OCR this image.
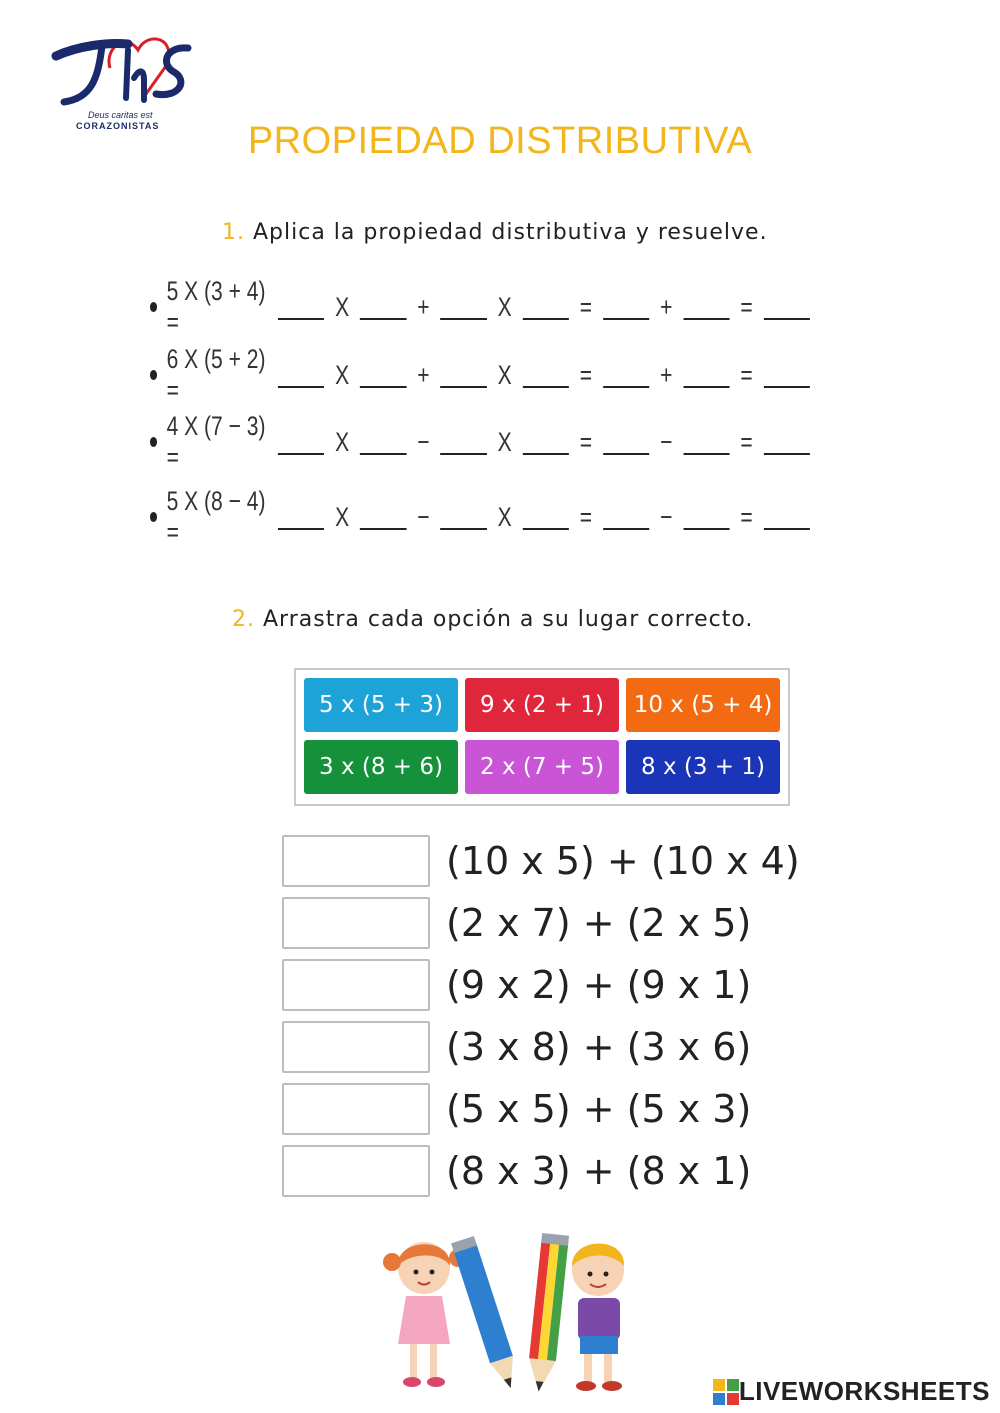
Deus caritas est
CORAZONISTAS	PROPIEDAD DISTRIBUTIVA
1. Aplica la propiedad distributiva y resuelve.
5 X (3 + 4) =
X	+	X	=	+	=
6 X (5 + 2) =
X	+	X	=	+	=
4 X (7 − 3) =
X	−	X	=	−	=
5 X (8 − 4) =
X	−	X	=	−	=
2. Arrastra cada opción a su lugar correcto.
5 x (5 + 3)	9 x (2 + 1)	10 x (5 + 4)
3 x (8 + 6)	2 x (7 + 5)	8 x (3 + 1)
(10 x 5) + (10 x 4)
(2 x 7) + (2 x 5)
(9 x 2) + (9 x 1)
(3 x 8) + (3 x 6)
(5 x 5) + (5 x 3)
(8 x 3) + (8 x 1)
LIVEWORKSHEETS
